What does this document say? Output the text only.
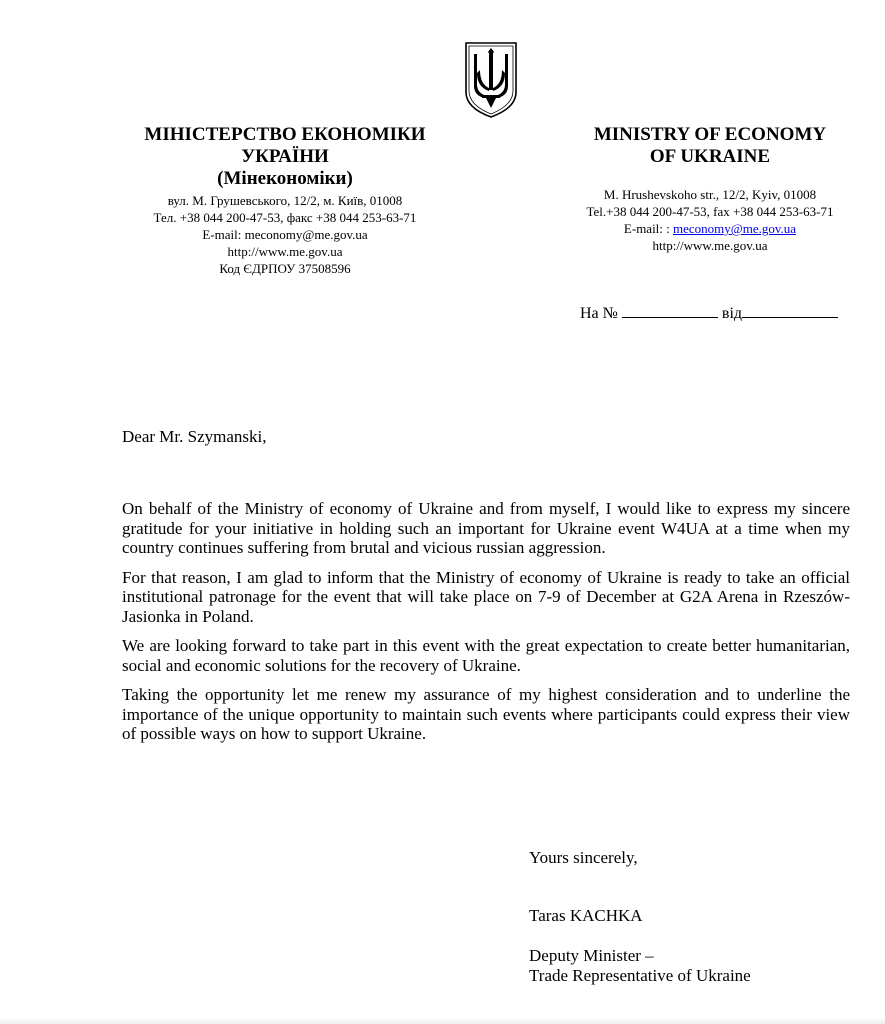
МІНІСТЕРСТВО ЕКОНОМІКИ
УКРАЇНИ
(Мінекономіки)
вул. М. Грушевського, 12/2, м. Київ, 01008
Тел. +38 044 200-47-53, факс +38 044 253-63-71
E-mail: meconomy@me.gov.ua
http://www.me.gov.ua
Код ЄДРПОУ 37508596
MINISTRY OF ECONOMY
OF UKRAINE
M. Hrushevskoho str., 12/2, Kyiv, 01008
Tel.+38 044 200-47-53, fax +38 044 253-63-71
E-mail: : meconomy@me.gov.ua
http://www.me.gov.ua
На №	від
Dear Mr. Szymanski,

On behalf of the Ministry of economy of Ukraine and from myself, I would like to express my sincere gratitude for your initiative in holding such an important for Ukraine event W4UA at a time when my country continues suffering from brutal and vicious russian aggression.

For that reason, I am glad to inform that the Ministry of economy of Ukraine is ready to take an official institutional patronage for the event that will take place on 7-9 of December at G2A Arena in Rzeszów-Jasionka in Poland.

We are looking forward to take part in this event with the great expectation to create better humanitarian, social and economic solutions for the recovery of Ukraine.

Taking the opportunity let me renew my assurance of my highest consideration and to underline the importance of the unique opportunity to maintain such events where participants could express their view of possible ways on how to support Ukraine.

Yours sincerely,
Taras KACHKA
Deputy Minister –
Trade Representative of Ukraine
